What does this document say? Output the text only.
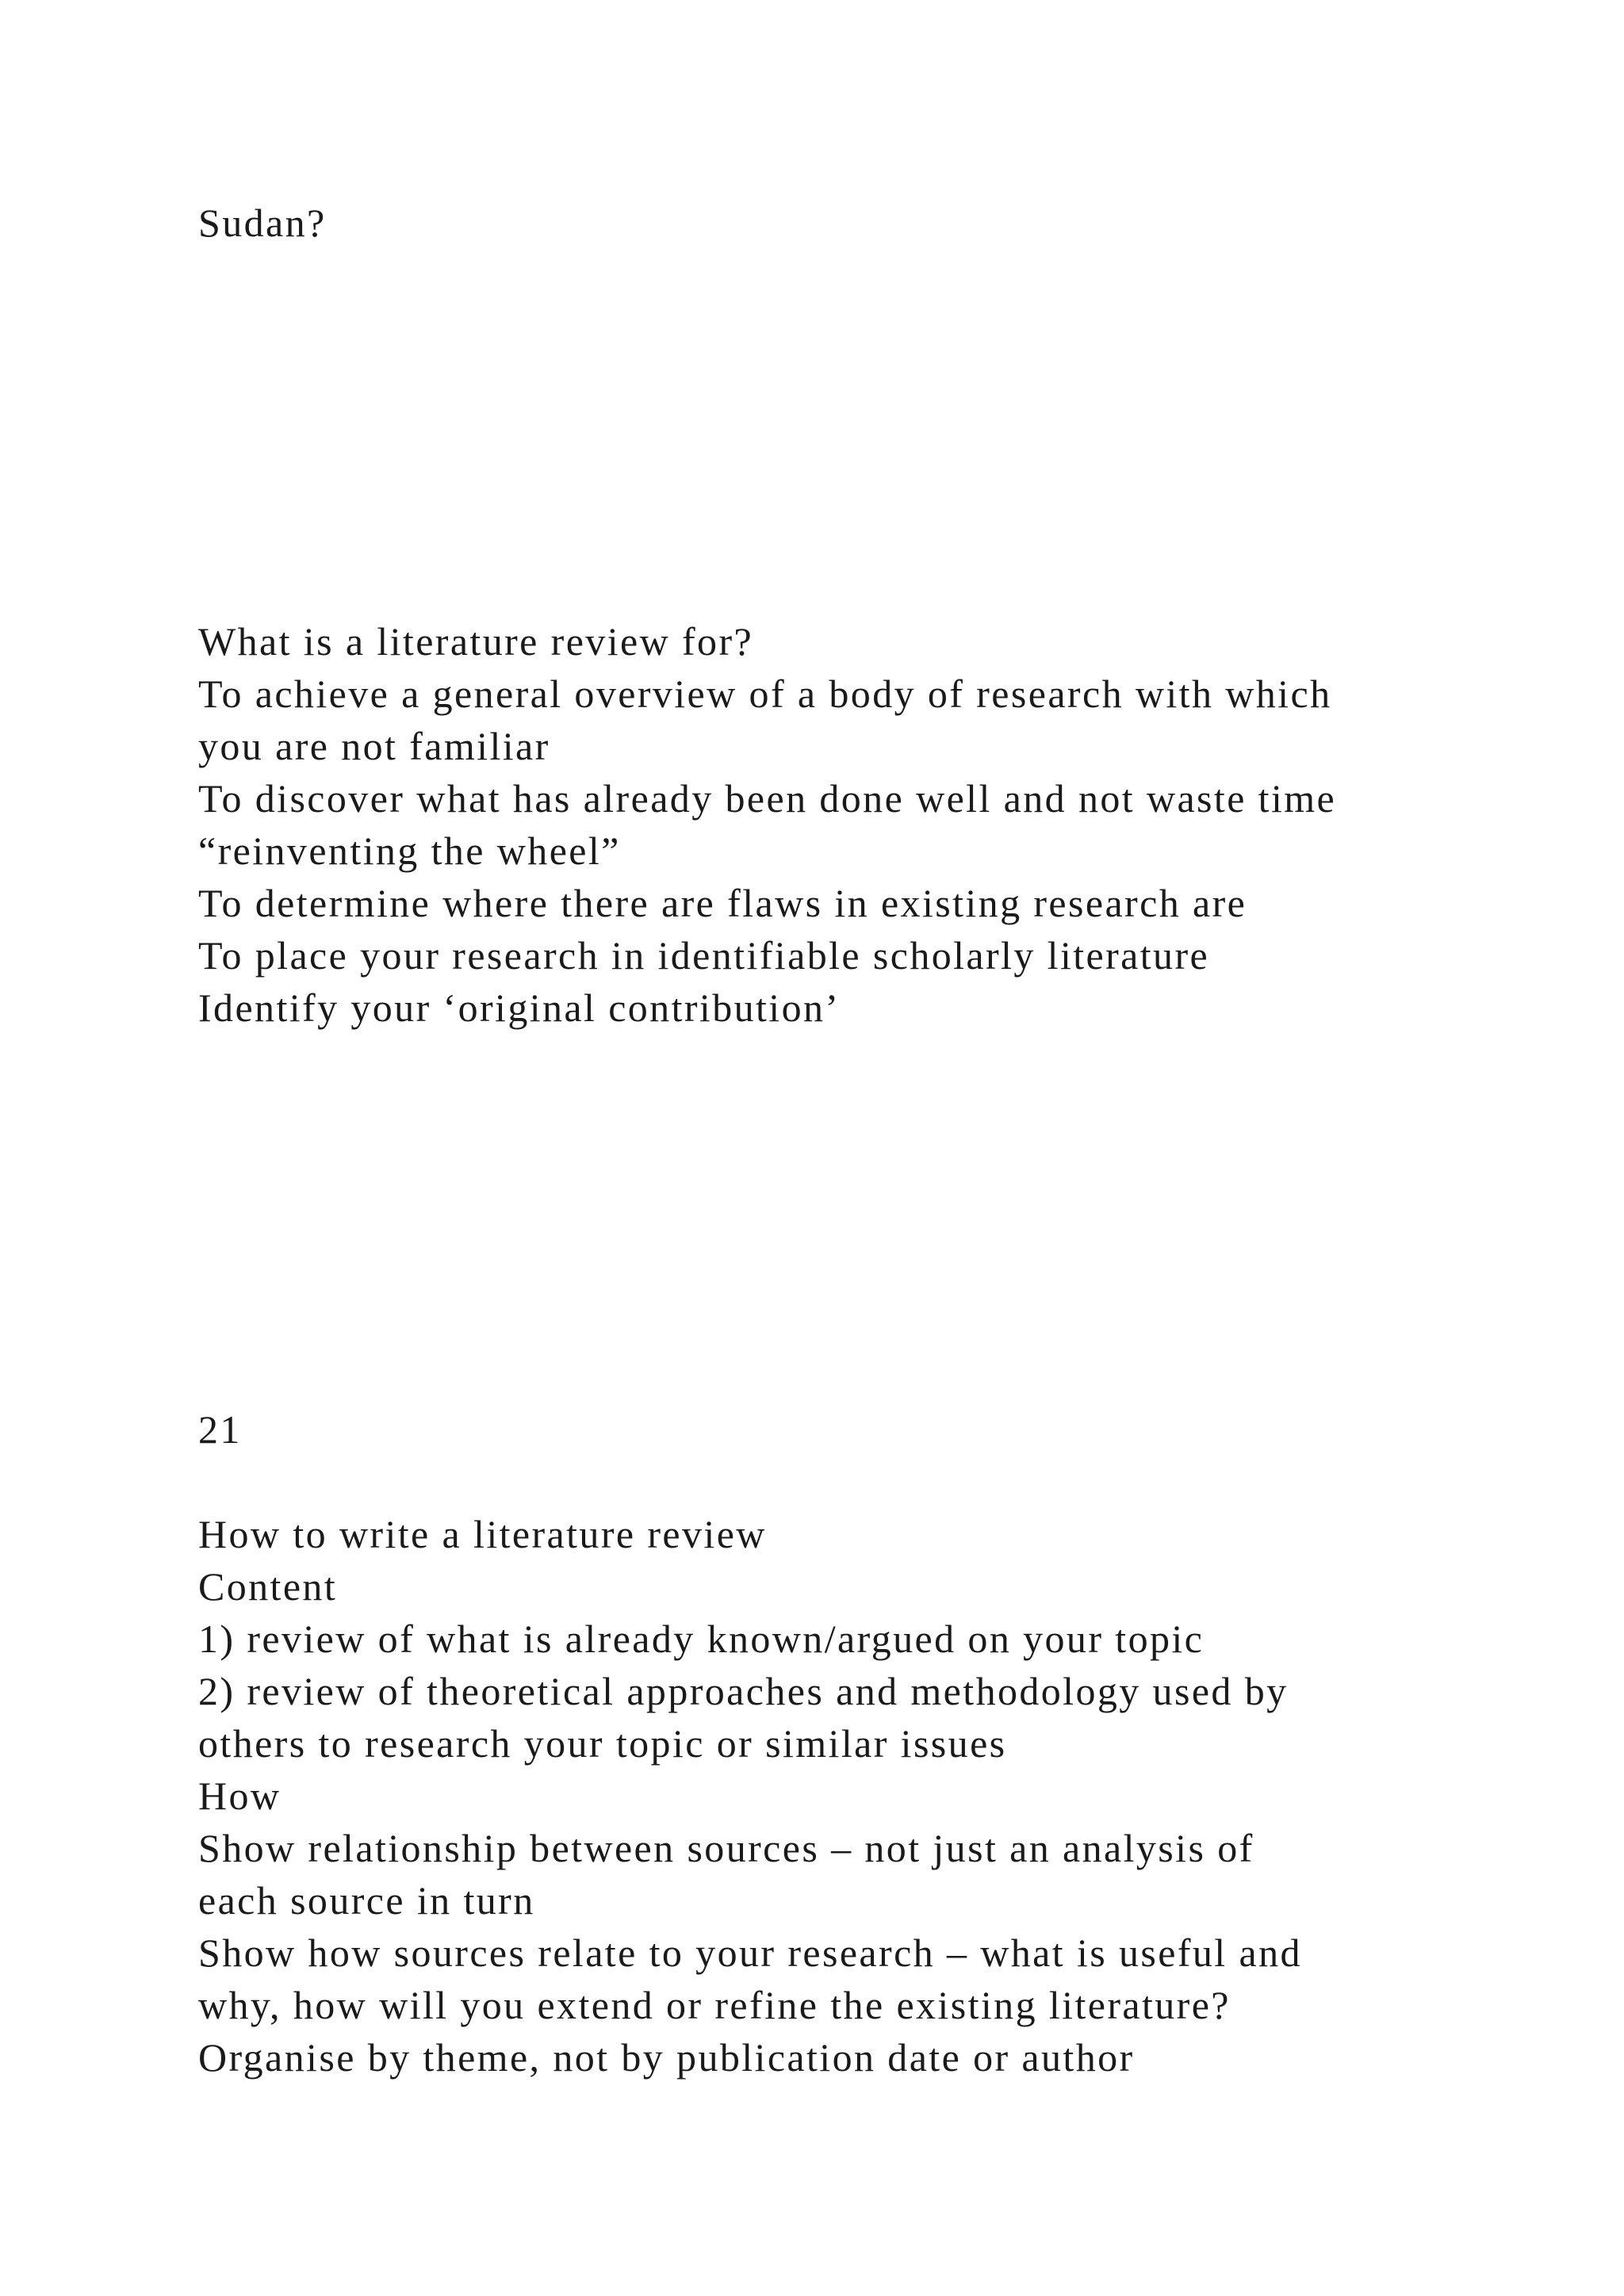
Sudan?
What is a literature review for?
To achieve a general overview of a body of research with which
you are not familiar
To discover what has already been done well and not waste time
“reinventing the wheel”
To determine where there are flaws in existing research are
To place your research in identifiable scholarly literature
Identify your ‘original contribution’
21
How to write a literature review
Content
1) review of what is already known/argued on your topic
2) review of theoretical approaches and methodology used by
others to research your topic or similar issues
How
Show relationship between sources – not just an analysis of
each source in turn
Show how sources relate to your research – what is useful and
why, how will you extend or refine the existing literature?
Organise by theme, not by publication date or author
